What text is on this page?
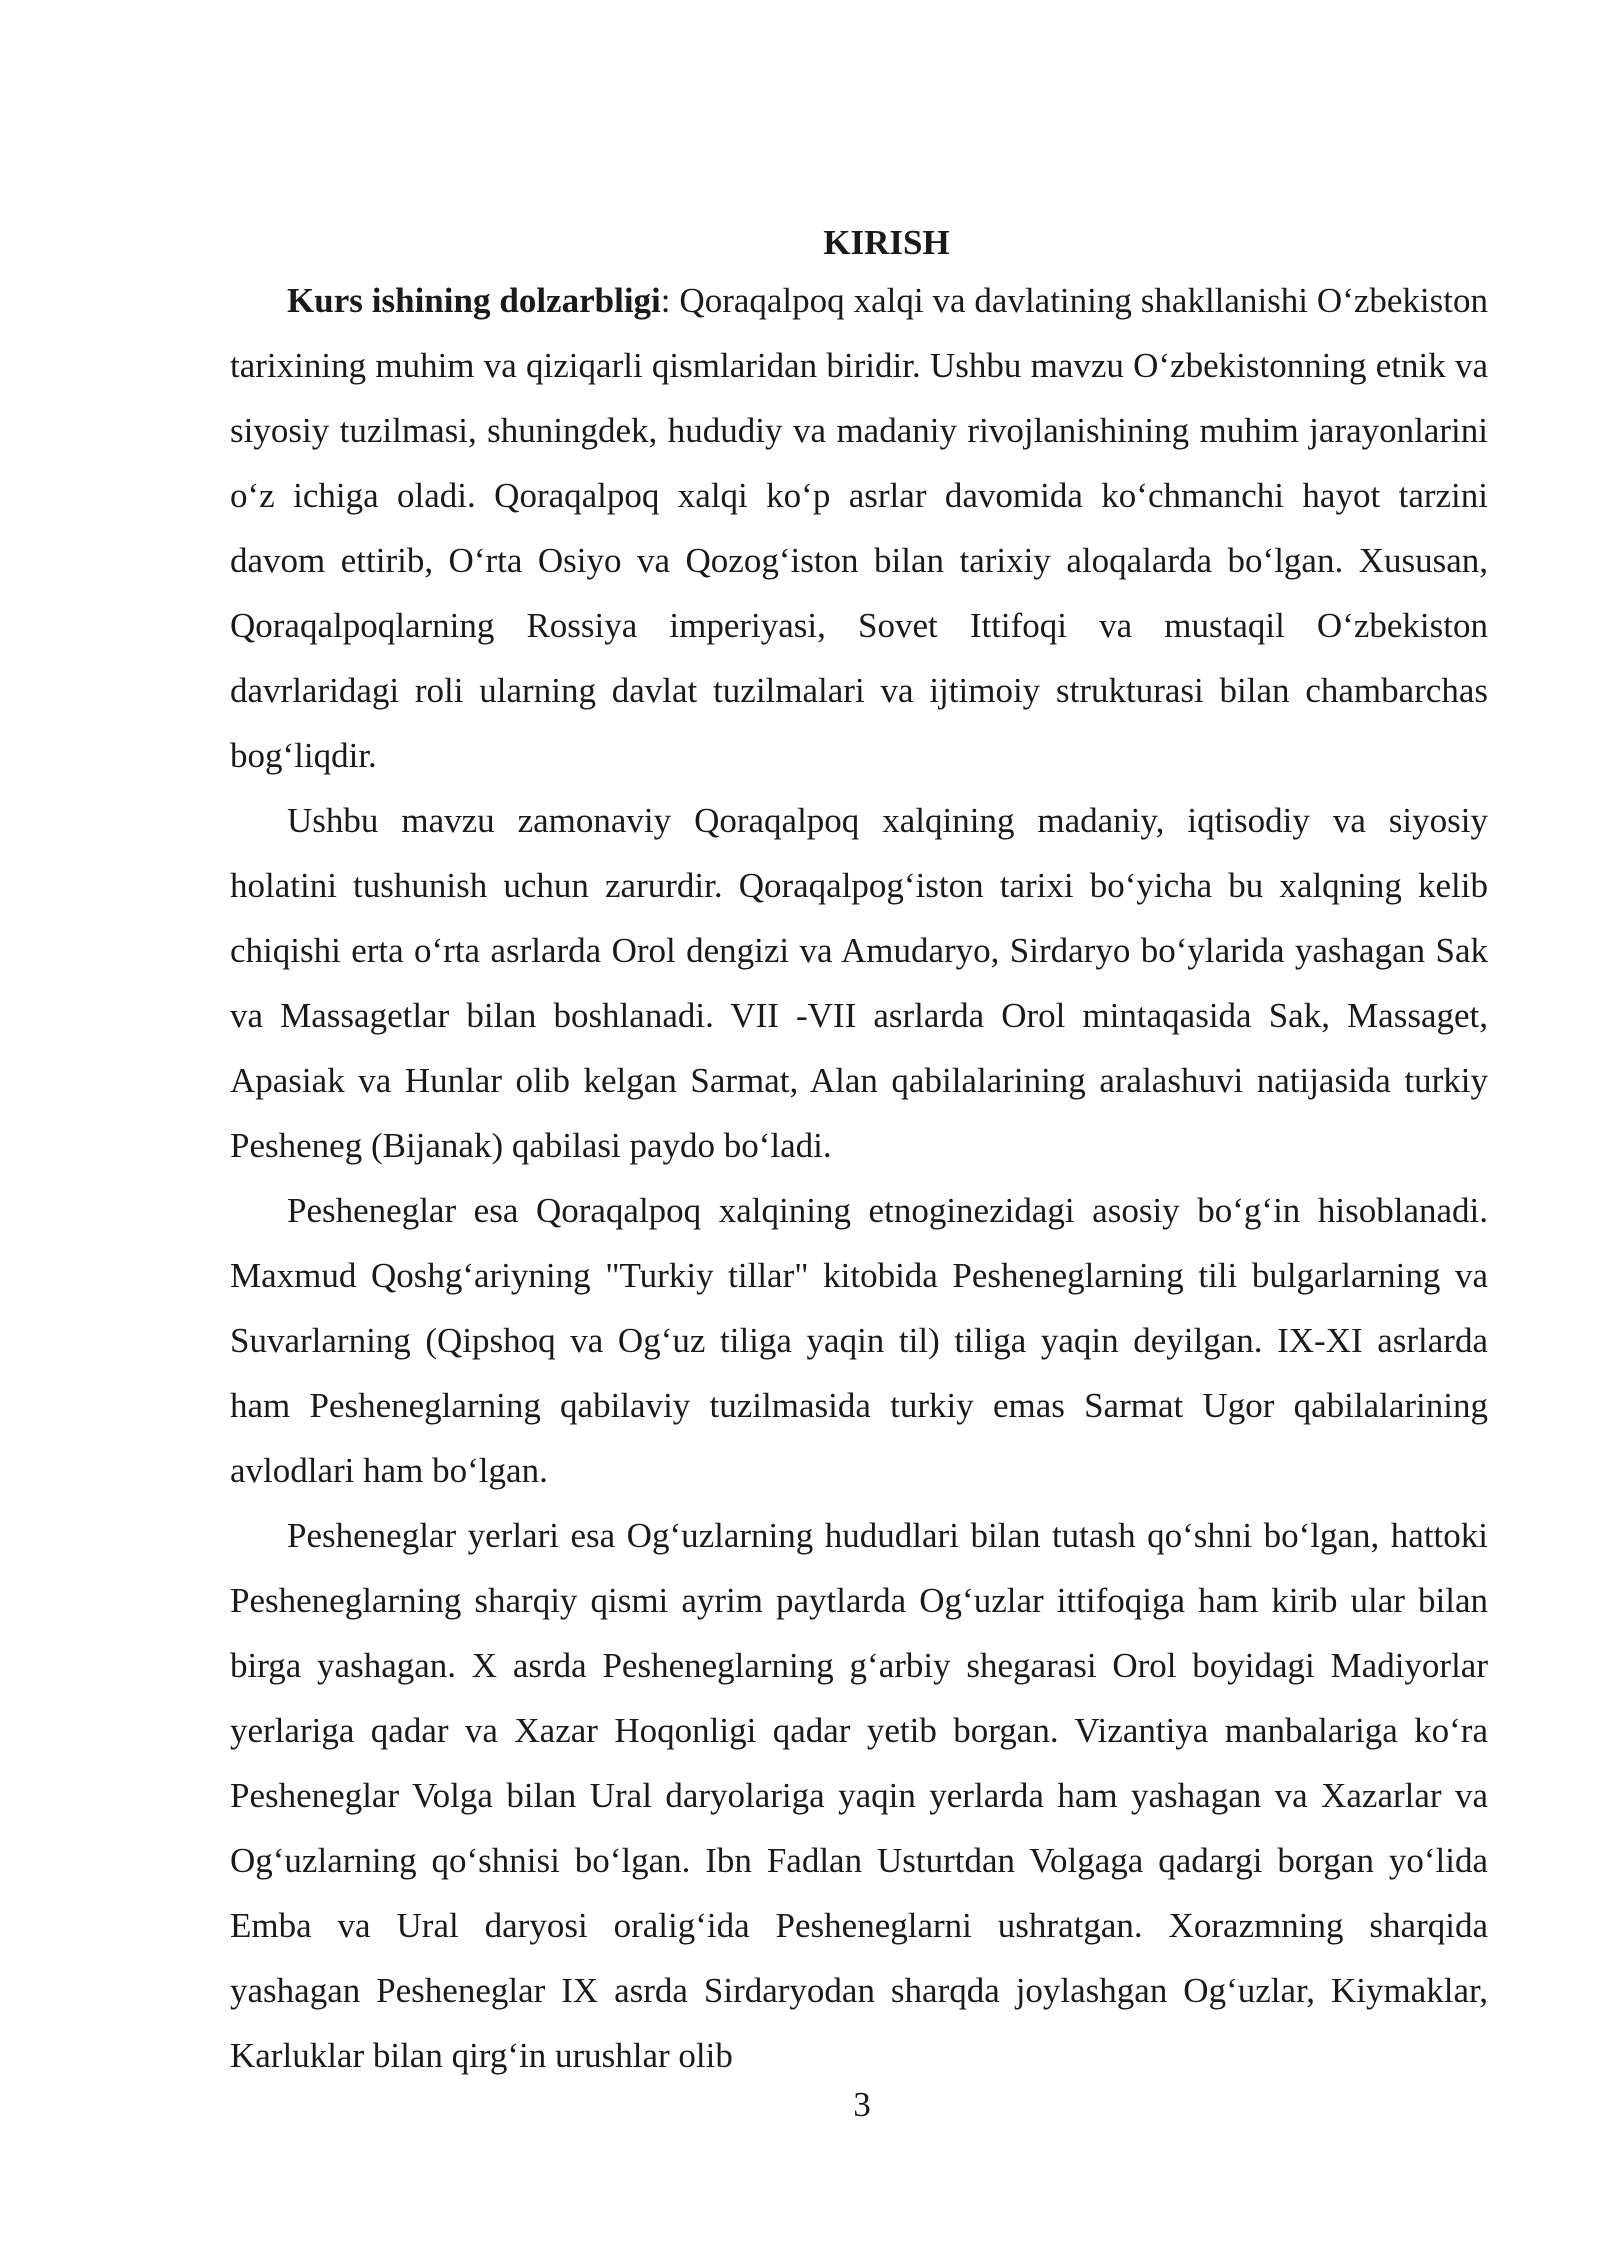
KIRISH

Kurs ishining dolzarbligi: Qoraqalpoq xalqi va davlatining shakllanishi O‘zbekiston tarixining muhim va qiziqarli qismlaridan biridir. Ushbu mavzu O‘zbekistonning etnik va siyosiy tuzilmasi, shuningdek, hududiy va madaniy rivojlanishining muhim jarayonlarini o‘z ichiga oladi. Qoraqalpoq xalqi ko‘p asrlar davomida ko‘chmanchi hayot tarzini davom ettirib, O‘rta Osiyo va Qozog‘iston bilan tarixiy aloqalarda bo‘lgan. Xususan, Qoraqalpoqlarning Rossiya imperiyasi, Sovet Ittifoqi va mustaqil O‘zbekiston davrlaridagi roli ularning davlat tuzilmalari va ijtimoiy strukturasi bilan chambarchas bog‘liqdir.

Ushbu mavzu zamonaviy Qoraqalpoq xalqining madaniy, iqtisodiy va siyosiy holatini tushunish uchun zarurdir. Qoraqalpog‘iston tarixi bo‘yicha bu xalqning kelib chiqishi erta o‘rta asrlarda Orol dengizi va Amudaryo, Sirdaryo bo‘ylarida yashagan Sak va Massagetlar bilan boshlanadi. VII -VII asrlarda Orol mintaqasida Sak, Massaget, Apasiak va Hunlar olib kelgan Sarmat, Alan qabilalarining aralashuvi natijasida turkiy Pesheneg (Bijanak) qabilasi paydo bo‘ladi.

Pesheneglar esa Qoraqalpoq xalqining etnoginezidagi asosiy bo‘g‘in hisoblanadi. Maxmud Qoshg‘ariyning "Turkiy tillar" kitobida Pesheneglarning tili bulgarlarning va Suvarlarning (Qipshoq va Og‘uz tiliga yaqin til) tiliga yaqin deyilgan. IX-XI asrlarda ham Pesheneglarning qabilaviy tuzilmasida turkiy emas Sarmat Ugor qabilalarining avlodlari ham bo‘lgan.

Pesheneglar yerlari esa Og‘uzlarning hududlari bilan tutash qo‘shni bo‘lgan, hattoki Pesheneglarning sharqiy qismi ayrim paytlarda Og‘uzlar ittifoqiga ham kirib ular bilan birga yashagan. X asrda Pesheneglarning g‘arbiy shegarasi Orol boyidagi Madiyorlar yerlariga qadar va Xazar Hoqonligi qadar yetib borgan. Vizantiya manbalariga ko‘ra Pesheneglar Volga bilan Ural daryolariga yaqin yerlarda ham yashagan va Xazarlar va Og‘uzlarning qo‘shnisi bo‘lgan. Ibn Fadlan Usturtdan Volgaga qadargi borgan yo‘lida Emba va Ural daryosi oralig‘ida Pesheneglarni ushratgan. Xorazmning sharqida yashagan Pesheneglar IX asrda Sirdaryodan sharqda joylashgan Og‘uzlar, Kiymaklar, Karluklar bilan qirg‘in urushlar olib

3
